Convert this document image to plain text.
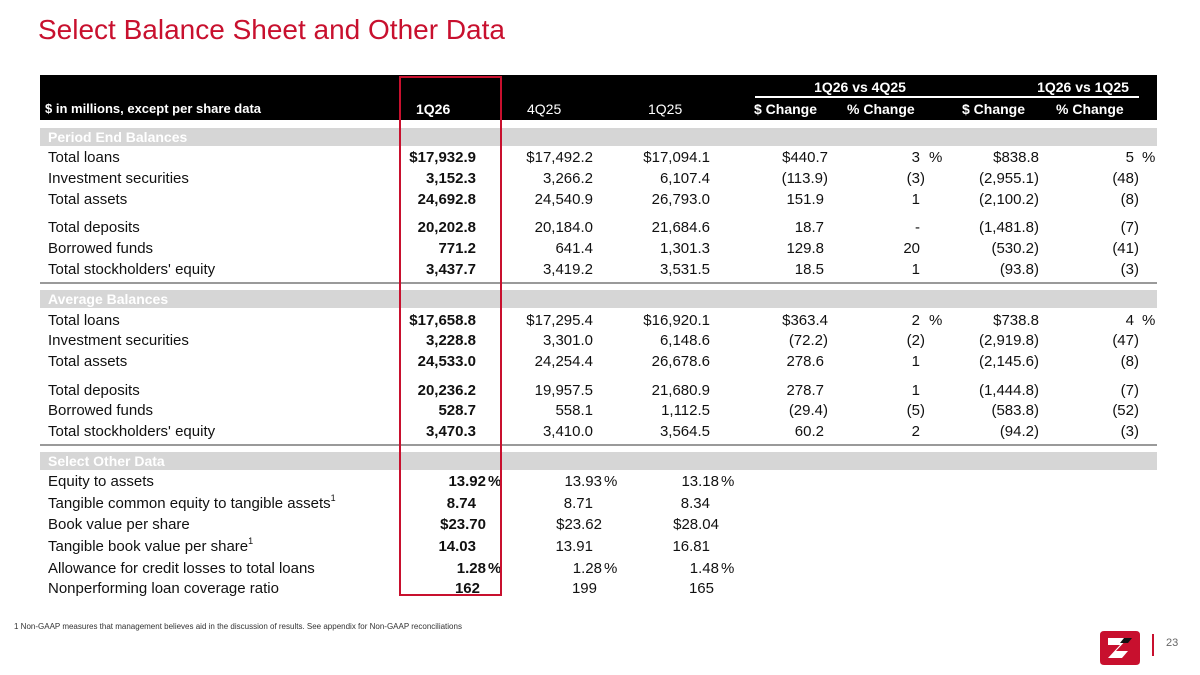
Select Balance Sheet and Other Data
1Q26 vs 4Q25	1Q26 vs 1Q25
$ in millions, except per share data	1Q26	4Q25	1Q25	$ Change % Change	$ Change % Change
Period End Balances
Total loans	$17,932.9	$17,492.2	$17,094.1	$440.7	3 %	$838.8	5 %
Investment securities	3,152.3	3,266.2	6,107.4	(113.9)	(3)	(2,955.1)	(48)
Total assets	24,692.8	24,540.9	26,793.0	151.9	1	(2,100.2)	(8)
Total deposits	20,202.8	20,184.0	21,684.6	18.7	-	(1,481.8)	(7)
Borrowed funds	771.2	641.4	1,301.3	129.8	20	(530.2)	(41)
Total stockholders' equity	3,437.7	3,419.2	3,531.5	18.5	1	(93.8)	(3)
Average Balances
Total loans	$17,658.8	$17,295.4	$16,920.1	$363.4	2 %	$738.8	4 %
Investment securities	3,228.8	3,301.0	6,148.6	(72.2)	(2)	(2,919.8)	(47)
Total assets	24,533.0	24,254.4	26,678.6	278.6	1	(2,145.6)	(8)
Total deposits	20,236.2	19,957.5	21,680.9	278.7	1	(1,444.8)	(7)
Borrowed funds	528.7	558.1	1,112.5	(29.4)	(5)	(583.8)	(52)
Total stockholders' equity	3,470.3	3,410.0	3,564.5	60.2	2	(94.2)	(3)
Select Other Data
Equity to assets	13.92 %	13.93 %	13.18 %
Tangible common equity to tangible assets$^1$	8.74	8.71	8.34
Book value per share	$23.70	$23.62	$28.04
Tangible book value per share$^1$	14.03	13.91	16.81
Allowance for credit losses to total loans	1.28 %	1.28 %	1.48 %
Nonperforming loan coverage ratio	162	199	165
1 Non-GAAP measures that management believes aid in the discussion of results. See appendix for Non-GAAP reconciliations
23
